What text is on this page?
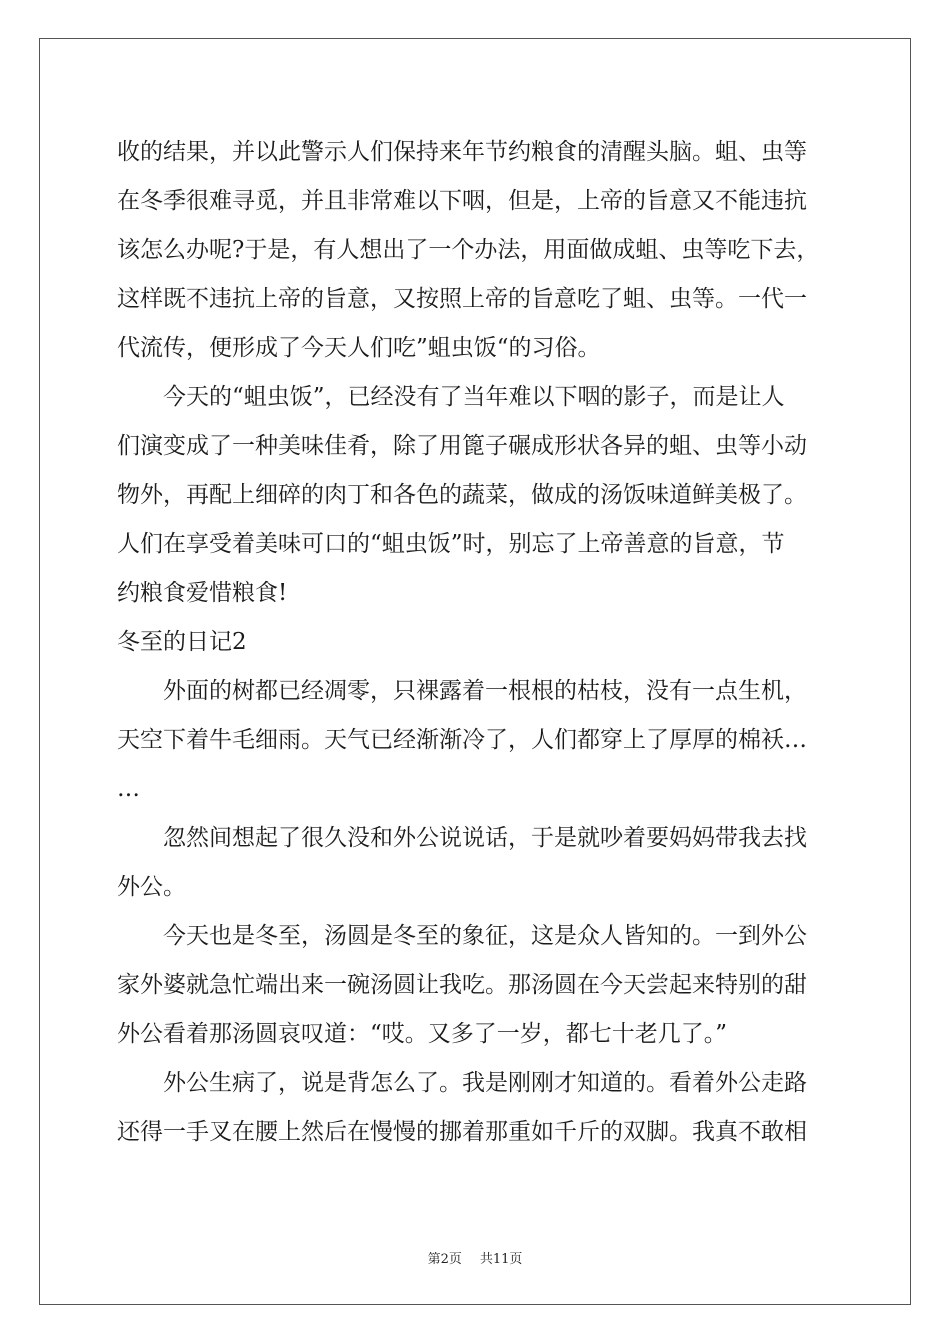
收的结果，并以此警示人们保持来年节约粮食的清醒头脑。蛆、虫等
在冬季很难寻觅，并且非常难以下咽，但是，上帝的旨意又不能违抗
该怎么办呢?于是，有人想出了一个办法，用面做成蛆、虫等吃下去，
这样既不违抗上帝的旨意，又按照上帝的旨意吃了蛆、虫等。一代一
代流传，便形成了今天人们吃”蛆虫饭“的习俗。
今天的“蛆虫饭”，已经没有了当年难以下咽的影子，而是让人
们演变成了一种美味佳肴，除了用篦子碾成形状各异的蛆、虫等小动
物外，再配上细碎的肉丁和各色的蔬菜，做成的汤饭味道鲜美极了。
人们在享受着美味可口的“蛆虫饭”时，别忘了上帝善意的旨意，节
约粮食爱惜粮食!
冬至的日记2
外面的树都已经凋零，只裸露着一根根的枯枝，没有一点生机，
天空下着牛毛细雨。天气已经渐渐冷了，人们都穿上了厚厚的棉袄…
…
忽然间想起了很久没和外公说说话，于是就吵着要妈妈带我去找
外公。
今天也是冬至，汤圆是冬至的象征，这是众人皆知的。一到外公
家外婆就急忙端出来一碗汤圆让我吃。那汤圆在今天尝起来特别的甜
外公看着那汤圆哀叹道：“哎。又多了一岁，都七十老几了。”
外公生病了，说是背怎么了。我是刚刚才知道的。看着外公走路
还得一手叉在腰上然后在慢慢的挪着那重如千斤的双脚。我真不敢相
第2页 共11页
